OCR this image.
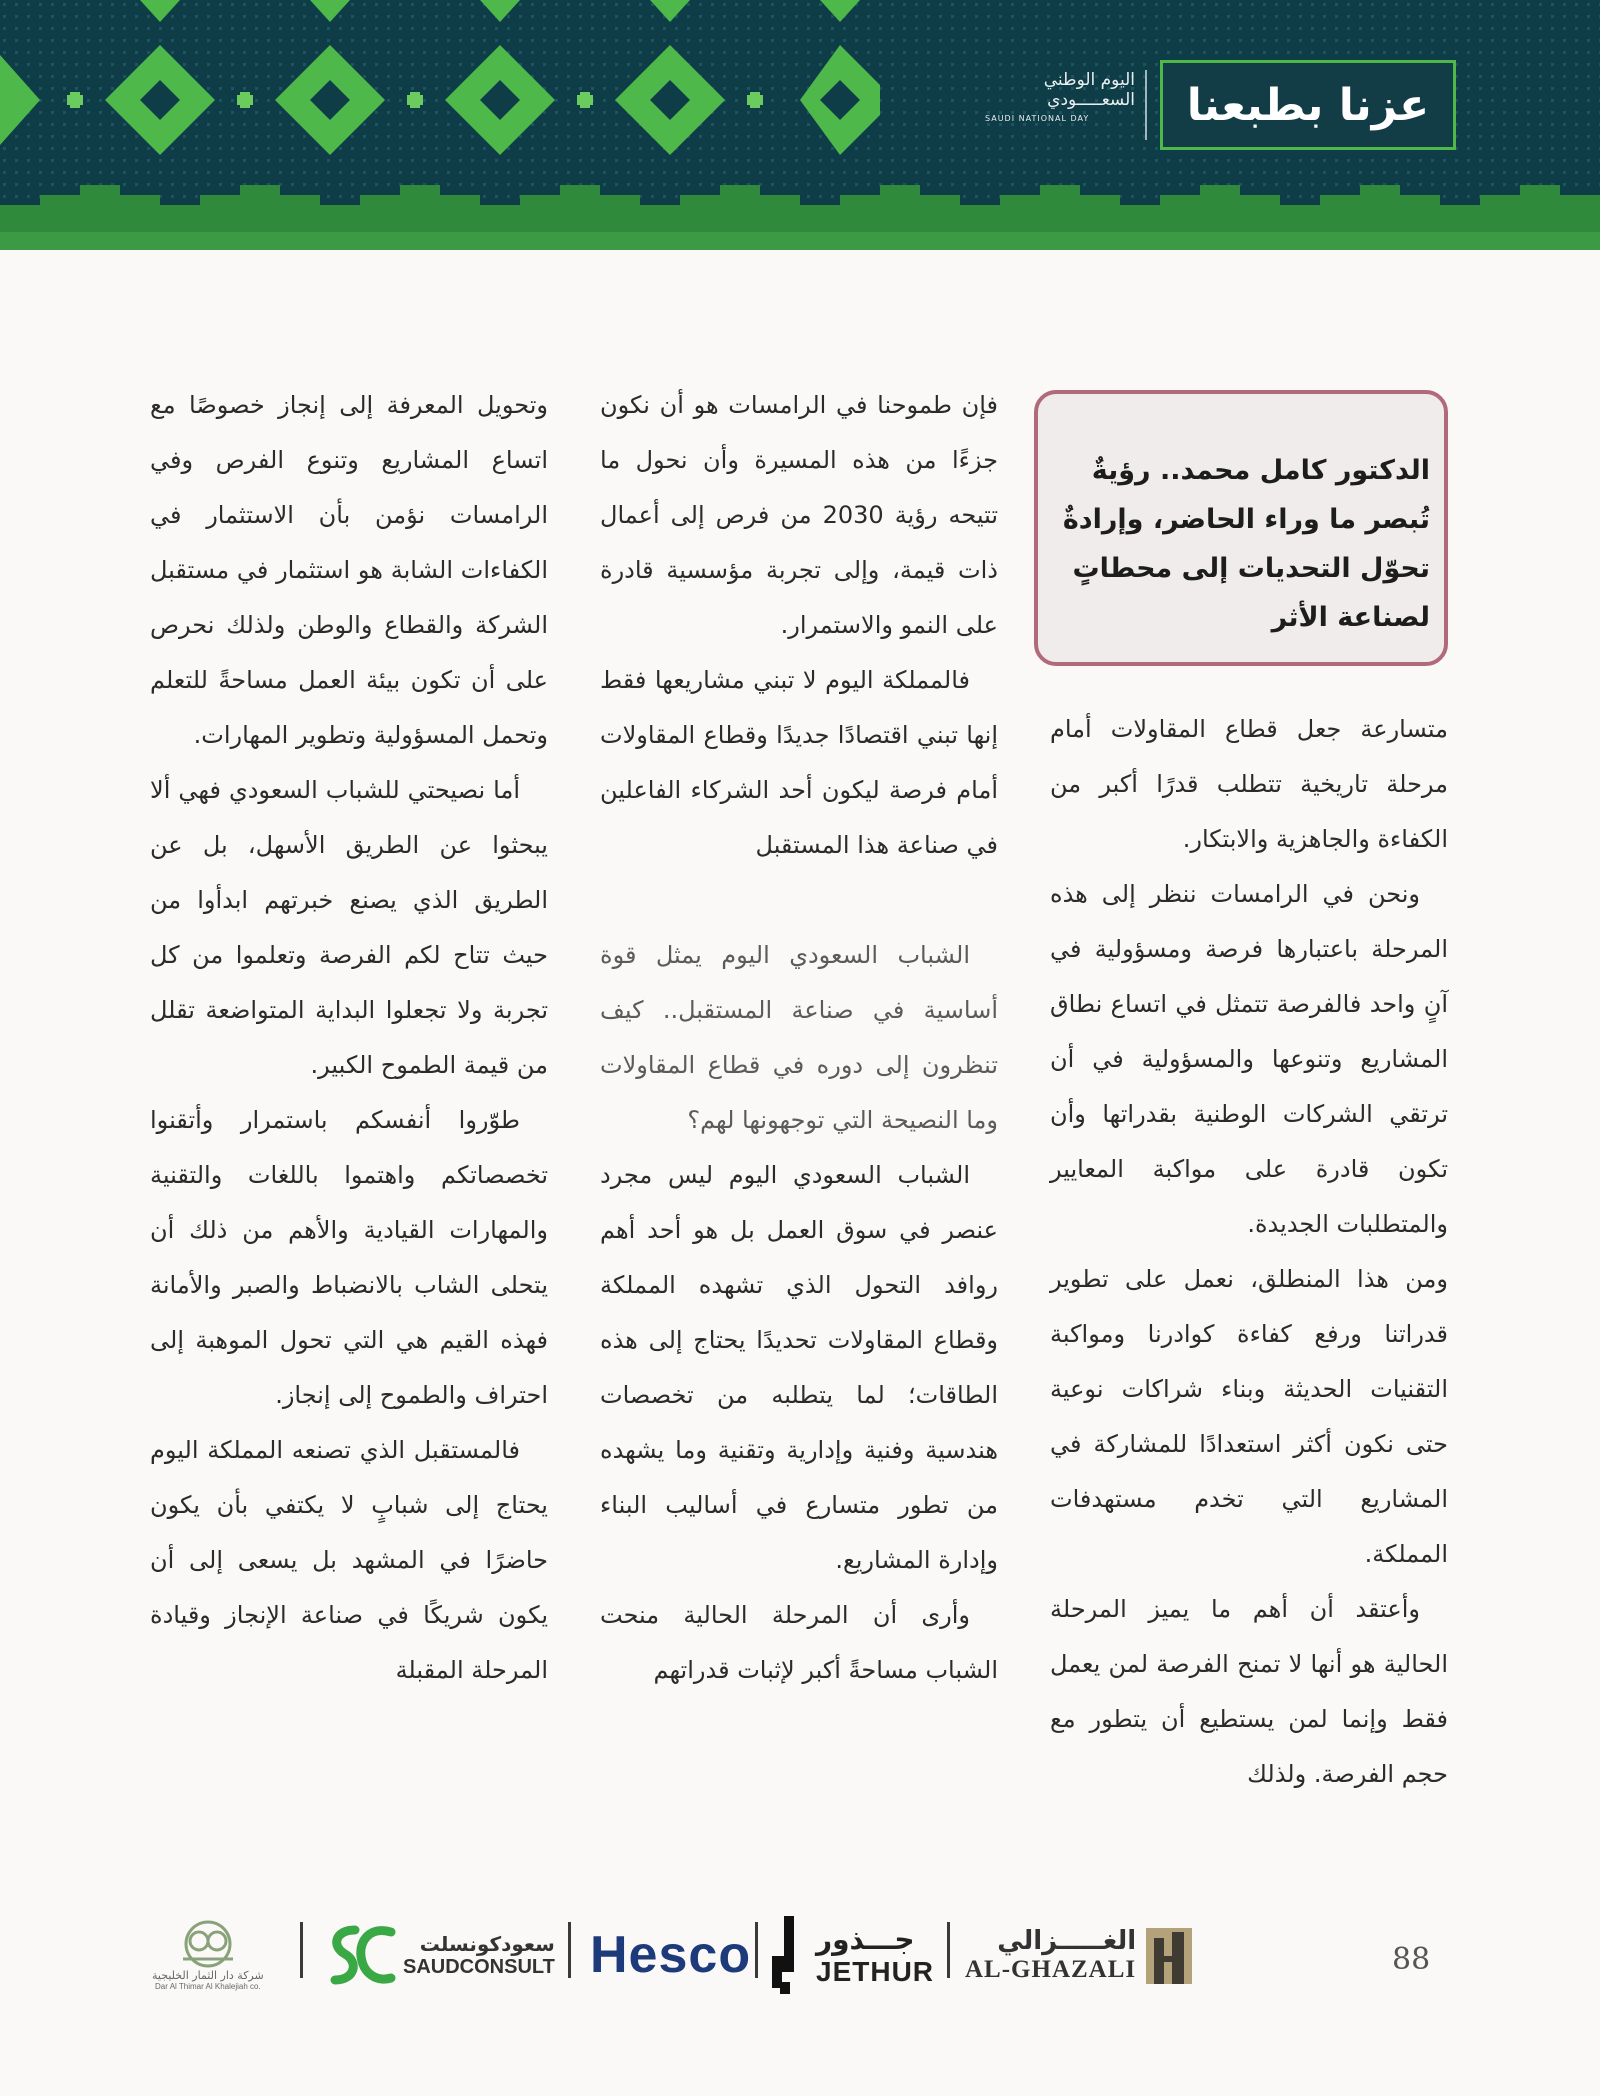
اليوم الوطني
السعـــــودي
SAUDI NATIONAL DAY	عزنا بطبعنا
الدكتور كامل محمد.. رؤيةٌ تُبصر ما وراء الحاضر، وإرادةٌ تحوّل التحديات إلى محطاتٍ لصناعة الأثر

متسارعة جعل قطاع المقاولات أمام مرحلة تاريخية تتطلب قدرًا أكبر من الكفاءة والجاهزية والابتكار.

ونحن في الرامسات ننظر إلى هذه المرحلة باعتبارها فرصة ومسؤولية في آنٍ واحد فالفرصة تتمثل في اتساع نطاق المشاريع وتنوعها والمسؤولية في أن ترتقي الشركات الوطنية بقدراتها وأن تكون قادرة على مواكبة المعايير والمتطلبات الجديدة.

ومن هذا المنطلق، نعمل على تطوير قدراتنا ورفع كفاءة كوادرنا ومواكبة التقنيات الحديثة وبناء شراكات نوعية حتى نكون أكثر استعدادًا للمشاركة في المشاريع التي تخدم مستهدفات المملكة.

وأعتقد أن أهم ما يميز المرحلة الحالية هو أنها لا تمنح الفرصة لمن يعمل فقط وإنما لمن يستطيع أن يتطور مع حجم الفرصة. ولذلك

فإن طموحنا في الرامسات هو أن نكون جزءًا من هذه المسيرة وأن نحول ما تتيحه رؤية 2030 من فرص إلى أعمال ذات قيمة، وإلى تجربة مؤسسية قادرة على النمو والاستمرار.

فالمملكة اليوم لا تبني مشاريعها فقط إنها تبني اقتصادًا جديدًا وقطاع المقاولات أمام فرصة ليكون أحد الشركاء الفاعلين في صناعة هذا المستقبل

الشباب السعودي اليوم يمثل قوة أساسية في صناعة المستقبل.. كيف تنظرون إلى دوره في قطاع المقاولات وما النصيحة التي توجهونها لهم؟

الشباب السعودي اليوم ليس مجرد عنصر في سوق العمل بل هو أحد أهم روافد التحول الذي تشهده المملكة وقطاع المقاولات تحديدًا يحتاج إلى هذه الطاقات؛ لما يتطلبه من تخصصات هندسية وفنية وإدارية وتقنية وما يشهده من تطور متسارع في أساليب البناء وإدارة المشاريع.

وأرى أن المرحلة الحالية منحت الشباب مساحةً أكبر لإثبات قدراتهم

وتحويل المعرفة إلى إنجاز خصوصًا مع اتساع المشاريع وتنوع الفرص وفي الرامسات نؤمن بأن الاستثمار في الكفاءات الشابة هو استثمار في مستقبل الشركة والقطاع والوطن ولذلك نحرص على أن تكون بيئة العمل مساحةً للتعلم وتحمل المسؤولية وتطوير المهارات.

أما نصيحتي للشباب السعودي فهي ألا يبحثوا عن الطريق الأسهل، بل عن الطريق الذي يصنع خبرتهم ابدأوا من حيث تتاح لكم الفرصة وتعلموا من كل تجربة ولا تجعلوا البداية المتواضعة تقلل من قيمة الطموح الكبير.

طوّروا أنفسكم باستمرار وأتقنوا تخصصاتكم واهتموا باللغات والتقنية والمهارات القيادية والأهم من ذلك أن يتحلى الشاب بالانضباط والصبر والأمانة فهذه القيم هي التي تحول الموهبة إلى احتراف والطموح إلى إنجاز.

فالمستقبل الذي تصنعه المملكة اليوم يحتاج إلى شبابٍ لا يكتفي بأن يكون حاضرًا في المشهد بل يسعى إلى أن يكون شريكًا في صناعة الإنجاز وقيادة المرحلة المقبلة

88
الغـــــزالي
AL-GHAZALI
جـــذور
JETHUR
Hesco
سعودكونسلت
SAUDCONSULT
شركة دار الثمار الخليجية
Dar Al Thimar Al Khalejiah co.
